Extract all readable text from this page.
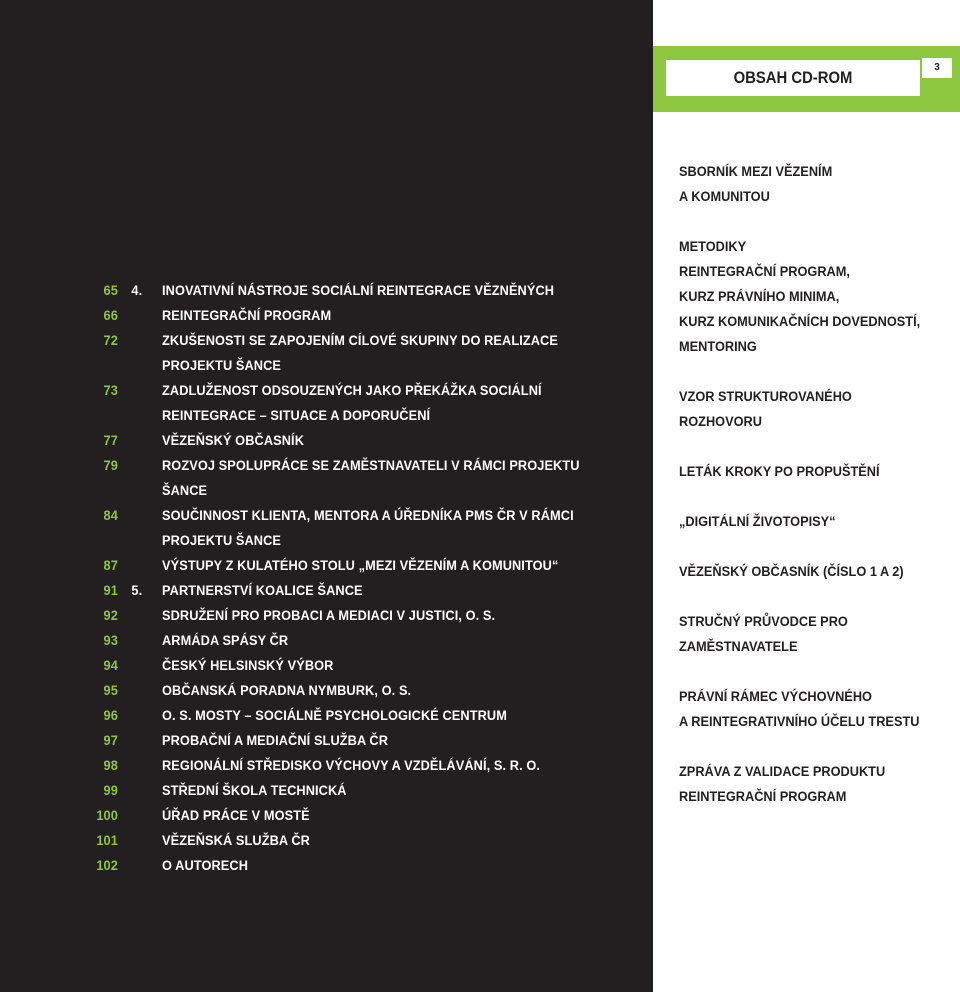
65 4. INOVATIVNÍ NÁSTROJE SOCIÁLNÍ REINTEGRACE VĚZNĚNÝCH
66	REINTEGRAČNÍ PROGRAM
72	ZKUŠENOSTI SE ZAPOJENÍM CÍLOVÉ SKUPINY DO REALIZACE
PROJEKTU ŠANCE
73	ZADLUŽENOST ODSOUZENÝCH JAKO PŘEKÁŽKA SOCIÁLNÍ
REINTEGRACE – SITUACE A DOPORUČENÍ
77	VĚZEŇSKÝ OBČASNÍK
79	ROZVOJ SPOLUPRÁCE SE ZAMĚSTNAVATELI V RÁMCI PROJEKTU
ŠANCE
84	SOUČINNOST KLIENTA, MENTORA A ÚŘEDNÍKA PMS ČR V RÁMCI
PROJEKTU ŠANCE
87	VÝSTUPY Z KULATÉHO STOLU „MEZI VĚZENÍM A KOMUNITOU“
91 5. PARTNERSTVÍ KOALICE ŠANCE
92	SDRUŽENÍ PRO PROBACI A MEDIACI V JUSTICI, O. S.
93	ARMÁDA SPÁSY ČR
94	ČESKÝ HELSINSKÝ VÝBOR
95	OBČANSKÁ PORADNA NYMBURK, O. S.
96	O. S. MOSTY – SOCIÁLNĚ PSYCHOLOGICKÉ CENTRUM
97	PROBAČNÍ A MEDIAČNÍ SLUŽBA ČR
98	REGIONÁLNÍ STŘEDISKO VÝCHOVY A VZDĚLÁVÁNÍ, S. R. O.
99	STŘEDNÍ ŠKOLA TECHNICKÁ
100	ÚŘAD PRÁCE V MOSTĚ
101	VĚZEŇSKÁ SLUŽBA ČR
102	O AUTORECH
OBSAH CD-ROM
3
SBORNÍK MEZI VĚZENÍM
A KOMUNITOU
METODIKY
REINTEGRAČNÍ PROGRAM,
KURZ PRÁVNÍHO MINIMA,
KURZ KOMUNIKAČNÍCH DOVEDNOSTÍ,
MENTORING
VZOR STRUKTUROVANÉHO
ROZHOVORU
LETÁK KROKY PO PROPUŠTĚNÍ
„DIGITÁLNÍ ŽIVOTOPISY“
VĚZEŇSKÝ OBČASNÍK (ČÍSLO 1 A 2)
STRUČNÝ PRŮVODCE PRO
ZAMĚSTNAVATELE
PRÁVNÍ RÁMEC VÝCHOVNÉHO
A REINTEGRATIVNÍHO ÚČELU TRESTU
ZPRÁVA Z VALIDACE PRODUKTU
REINTEGRAČNÍ PROGRAM
